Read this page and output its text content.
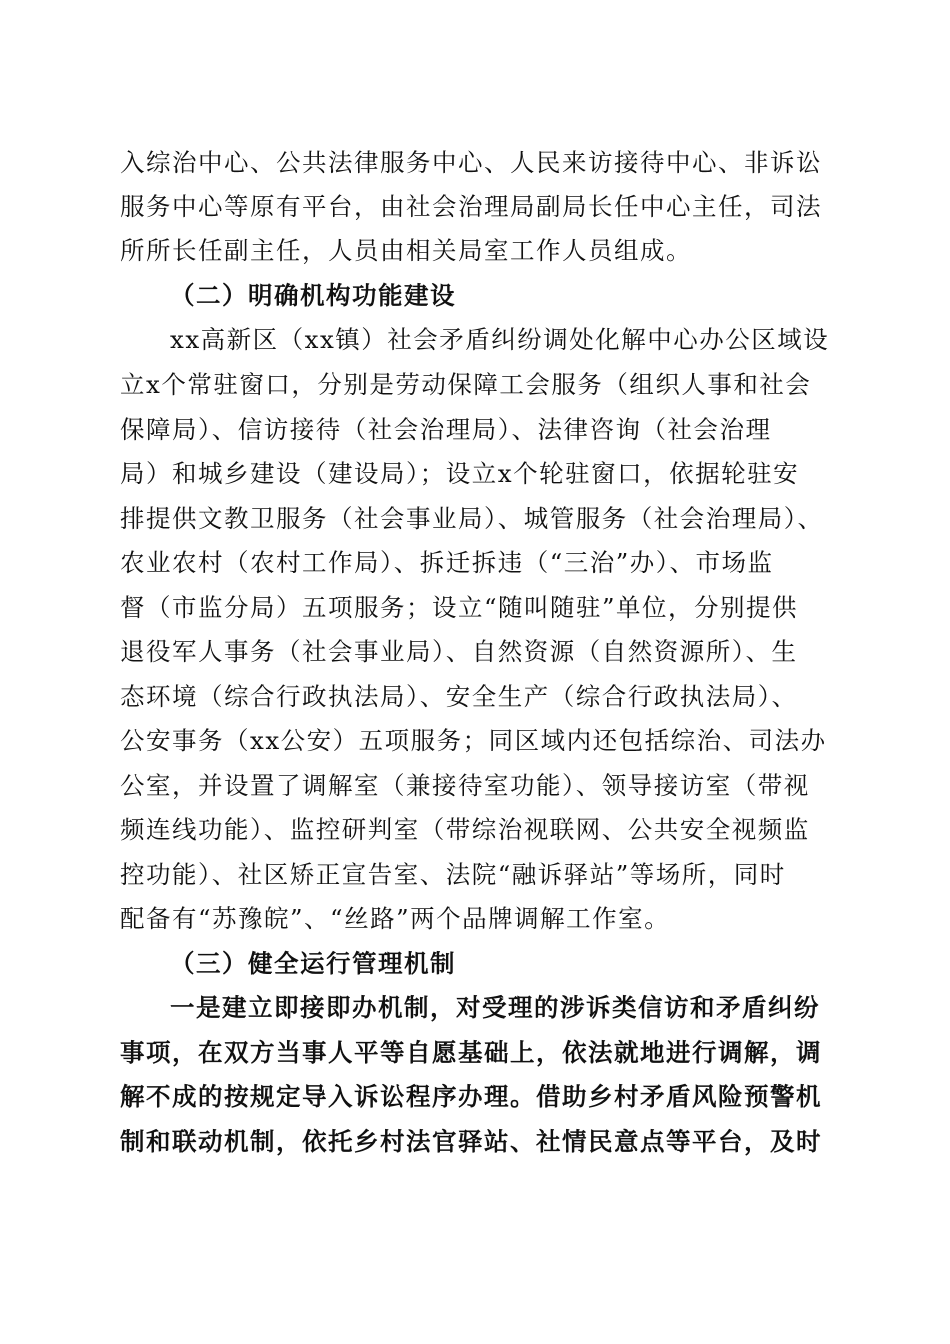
入综治中心、公共法律服务中心、人民来访接待中心、非诉讼
服务中心等原有平台，由社会治理局副局长任中心主任，司法
所所长任副主任，人员由相关局室工作人员组成。
（二）明确机构功能建设
xx高新区（xx镇）社会矛盾纠纷调处化解中心办公区域设
立x个常驻窗口，分别是劳动保障工会服务（组织人事和社会
保障局）、信访接待（社会治理局）、法律咨询（社会治理
局）和城乡建设（建设局）；设立x个轮驻窗口，依据轮驻安
排提供文教卫服务（社会事业局）、城管服务（社会治理局）、
农业农村（农村工作局）、拆迁拆违（“三治”办）、市场监
督（市监分局）五项服务；设立“随叫随驻”单位，分别提供
退役军人事务（社会事业局）、自然资源（自然资源所）、生
态环境（综合行政执法局）、安全生产（综合行政执法局）、
公安事务（xx公安）五项服务；同区域内还包括综治、司法办
公室，并设置了调解室（兼接待室功能）、领导接访室（带视
频连线功能）、监控研判室（带综治视联网、公共安全视频监
控功能）、社区矫正宣告室、法院“融诉驿站”等场所，同时
配备有“苏豫皖”、“丝路”两个品牌调解工作室。
（三）健全运行管理机制
一是建立即接即办机制，对受理的涉诉类信访和矛盾纠纷
事项，在双方当事人平等自愿基础上，依法就地进行调解，调
解不成的按规定导入诉讼程序办理。借助乡村矛盾风险预警机
制和联动机制，依托乡村法官驿站、社情民意点等平台，及时
